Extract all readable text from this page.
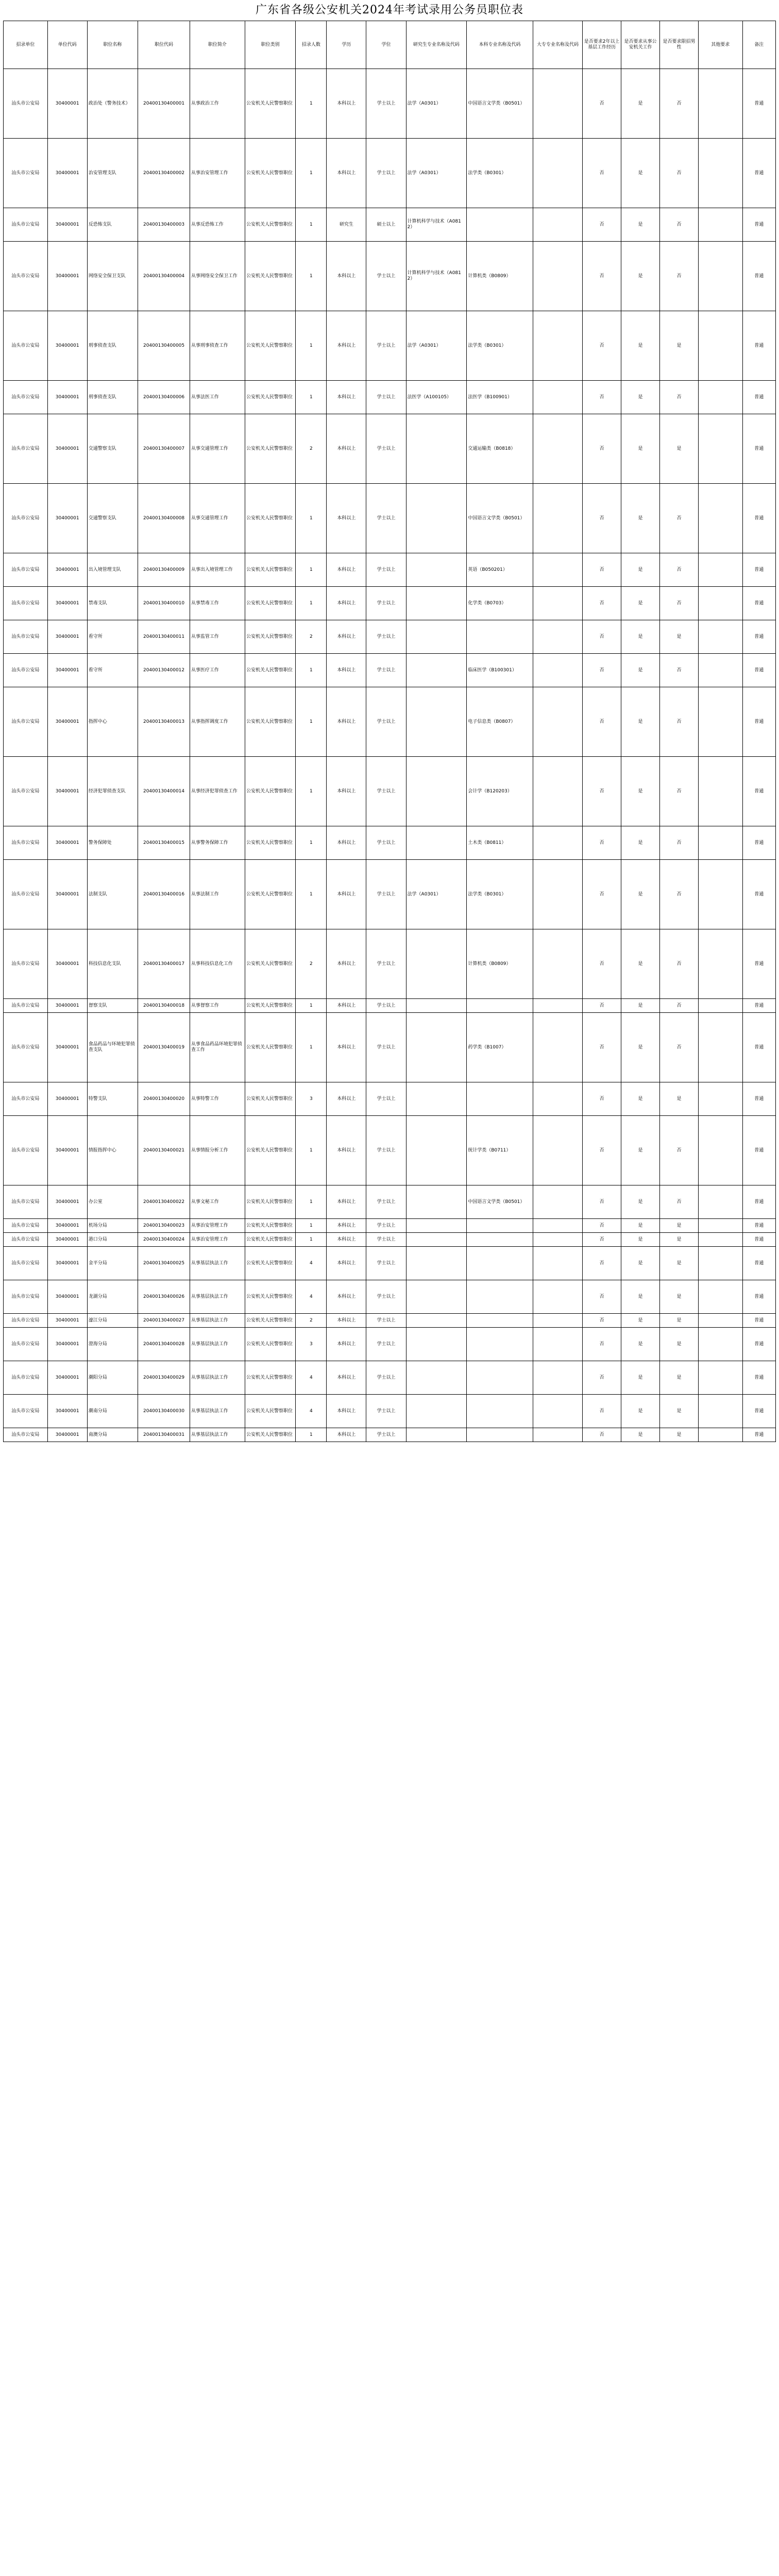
广东省各级公安机关2024年考试录用公务员职位表
招录单位	单位代码	职位名称	职位代码	职位简介	职位类别	招录人数	学历	学位	研究生专业名称及代码	本科专业名称及代码	大专专业名称及代码	是否要求2年以上基层工作经历	是否要求从事公安机关工作	是否要求限招男性	其他要求	备注
汕头市公安局	30400001	政治处（警务技术）	20400130400001	从事政治工作	公安机关人民警察职位	1	本科以上	学士以上	法学（A0301）	中国语言文学类（B0501）		否	是	否		普通
汕头市公安局	30400001	治安管理支队	20400130400002	从事治安管理工作	公安机关人民警察职位	1	本科以上	学士以上	法学（A0301）	法学类（B0301）		否	是	否		普通
汕头市公安局	30400001	反恐怖支队	20400130400003	从事反恐怖工作	公安机关人民警察职位	1	研究生	硕士以上	计算机科学与技术（A0812）			否	是	否		普通
汕头市公安局	30400001	网络安全保卫支队	20400130400004	从事网络安全保卫工作	公安机关人民警察职位	1	本科以上	学士以上	计算机科学与技术（A0812）	计算机类（B0809）		否	是	否		普通
汕头市公安局	30400001	刑事侦查支队	20400130400005	从事刑事侦查工作	公安机关人民警察职位	1	本科以上	学士以上	法学（A0301）	法学类（B0301）		否	是	是		普通
汕头市公安局	30400001	刑事侦查支队	20400130400006	从事法医工作	公安机关人民警察职位	1	本科以上	学士以上	法医学（A100105）	法医学（B100901）		否	是	否		普通
汕头市公安局	30400001	交通警察支队	20400130400007	从事交通管理工作	公安机关人民警察职位	2	本科以上	学士以上		交通运输类（B0818）		否	是	是		普通
汕头市公安局	30400001	交通警察支队	20400130400008	从事交通管理工作	公安机关人民警察职位	1	本科以上	学士以上		中国语言文学类（B0501）		否	是	否		普通
汕头市公安局	30400001	出入境管理支队	20400130400009	从事出入境管理工作	公安机关人民警察职位	1	本科以上	学士以上		英语（B050201）		否	是	否		普通
汕头市公安局	30400001	禁毒支队	20400130400010	从事禁毒工作	公安机关人民警察职位	1	本科以上	学士以上		化学类（B0703）		否	是	否		普通
汕头市公安局	30400001	看守所	20400130400011	从事监管工作	公安机关人民警察职位	2	本科以上	学士以上				否	是	是		普通
汕头市公安局	30400001	看守所	20400130400012	从事医疗工作	公安机关人民警察职位	1	本科以上	学士以上		临床医学（B100301）		否	是	否		普通
汕头市公安局	30400001	指挥中心	20400130400013	从事指挥调度工作	公安机关人民警察职位	1	本科以上	学士以上		电子信息类（B0807）		否	是	否		普通
汕头市公安局	30400001	经济犯罪侦查支队	20400130400014	从事经济犯罪侦查工作	公安机关人民警察职位	1	本科以上	学士以上		会计学（B120203）		否	是	否		普通
汕头市公安局	30400001	警务保障处	20400130400015	从事警务保障工作	公安机关人民警察职位	1	本科以上	学士以上		土木类（B0811）		否	是	否		普通
汕头市公安局	30400001	法制支队	20400130400016	从事法制工作	公安机关人民警察职位	1	本科以上	学士以上	法学（A0301）	法学类（B0301）		否	是	否		普通
汕头市公安局	30400001	科技信息化支队	20400130400017	从事科技信息化工作	公安机关人民警察职位	2	本科以上	学士以上		计算机类（B0809）		否	是	否		普通
汕头市公安局	30400001	督察支队	20400130400018	从事督察工作	公安机关人民警察职位	1	本科以上	学士以上				否	是	否		普通
汕头市公安局	30400001	食品药品与环境犯罪侦查支队	20400130400019	从事食品药品环境犯罪侦查工作	公安机关人民警察职位	1	本科以上	学士以上		药学类（B1007）		否	是	否		普通
汕头市公安局	30400001	特警支队	20400130400020	从事特警工作	公安机关人民警察职位	3	本科以上	学士以上				否	是	是		普通
汕头市公安局	30400001	情报指挥中心	20400130400021	从事情报分析工作	公安机关人民警察职位	1	本科以上	学士以上		统计学类（B0711）		否	是	否		普通
汕头市公安局	30400001	办公室	20400130400022	从事文秘工作	公安机关人民警察职位	1	本科以上	学士以上		中国语言文学类（B0501）		否	是	否		普通
汕头市公安局	30400001	机场分局	20400130400023	从事治安管理工作	公安机关人民警察职位	1	本科以上	学士以上				否	是	是		普通
汕头市公安局	30400001	港口分局	20400130400024	从事治安管理工作	公安机关人民警察职位	1	本科以上	学士以上				否	是	是		普通
汕头市公安局	30400001	金平分局	20400130400025	从事基层执法工作	公安机关人民警察职位	4	本科以上	学士以上				否	是	是		普通
汕头市公安局	30400001	龙湖分局	20400130400026	从事基层执法工作	公安机关人民警察职位	4	本科以上	学士以上				否	是	是		普通
汕头市公安局	30400001	濠江分局	20400130400027	从事基层执法工作	公安机关人民警察职位	2	本科以上	学士以上				否	是	是		普通
汕头市公安局	30400001	澄海分局	20400130400028	从事基层执法工作	公安机关人民警察职位	3	本科以上	学士以上				否	是	是		普通
汕头市公安局	30400001	潮阳分局	20400130400029	从事基层执法工作	公安机关人民警察职位	4	本科以上	学士以上				否	是	是		普通
汕头市公安局	30400001	潮南分局	20400130400030	从事基层执法工作	公安机关人民警察职位	4	本科以上	学士以上				否	是	是		普通
汕头市公安局	30400001	南澳分局	20400130400031	从事基层执法工作	公安机关人民警察职位	1	本科以上	学士以上				否	是	是		普通
